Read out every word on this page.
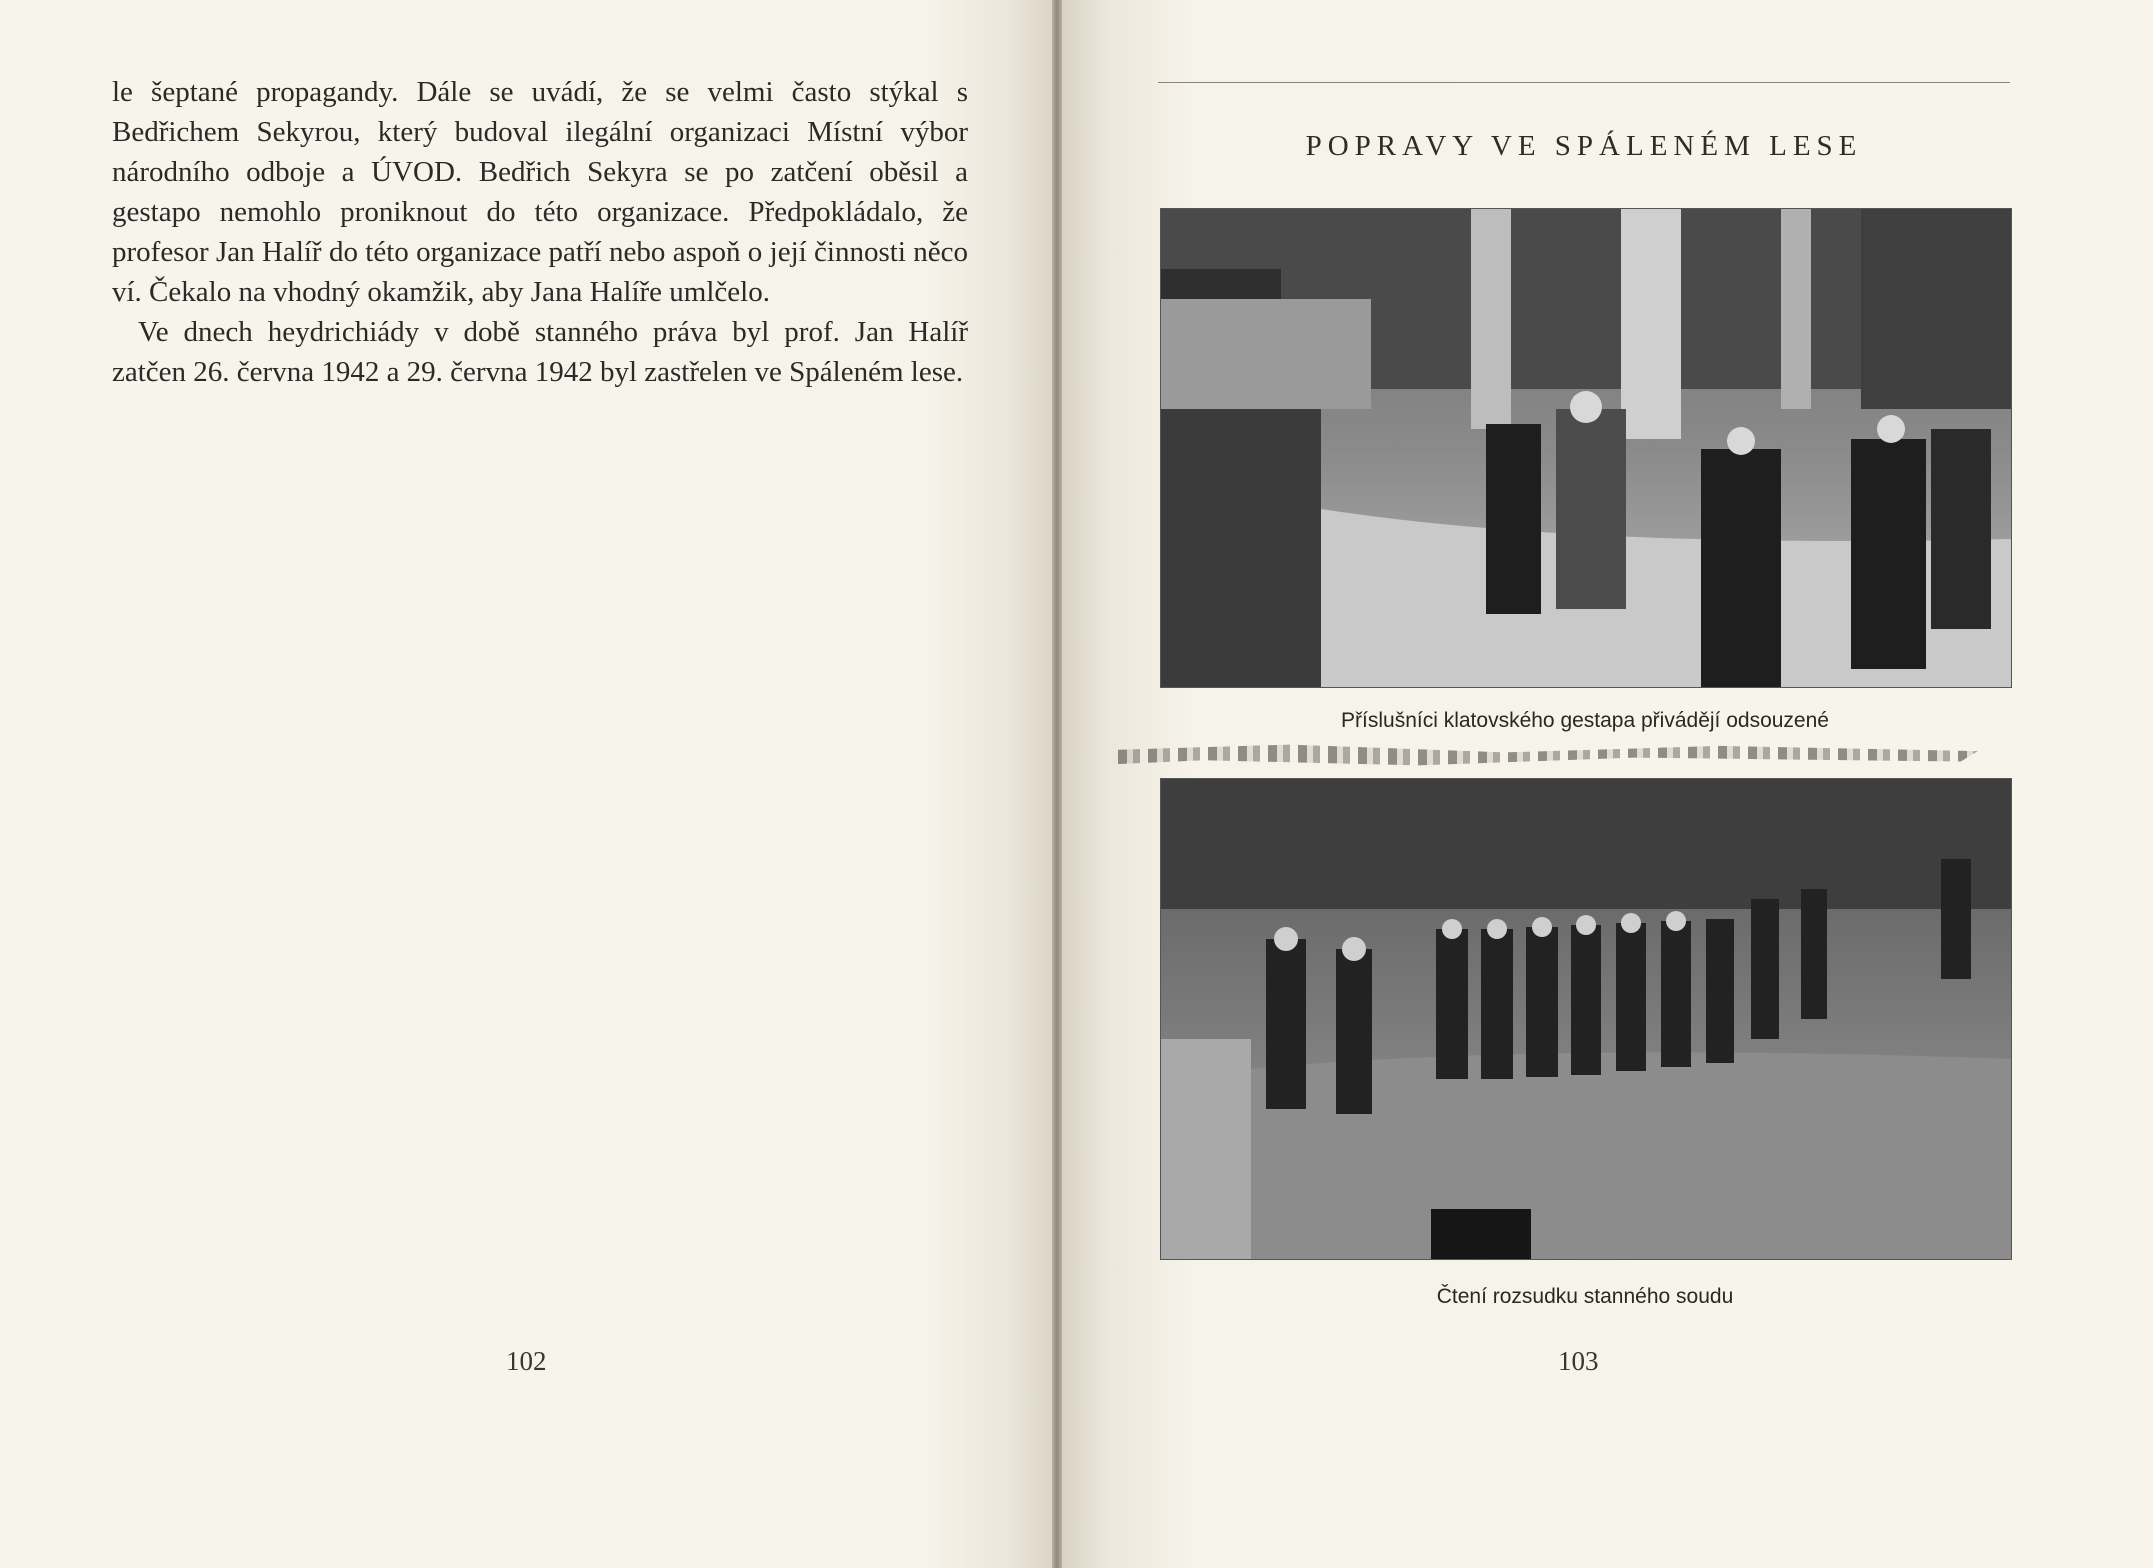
le šeptané propagandy. Dále se uvádí, že se velmi často stýkal s Bedřichem Sekyrou, který budoval ilegální organizaci Místní výbor národního odboje a ÚVOD. Bedřich Sekyra se po zatčení oběsil a gestapo nemohlo proniknout do této organizace. Předpokládalo, že profesor Jan Halíř do této organizace patří nebo aspoň o její činnosti něco ví. Čekalo na vhodný okamžik, aby Jana Halíře umlčelo.

Ve dnech heydrichiády v době stanného práva byl prof. Jan Halíř zatčen 26. června 1942 a 29. června 1942 byl zastřelen ve Spáleném lese.

102
POPRAVY VE SPÁLENÉM LESE
Příslušníci klatovského gestapa přivádějí odsouzené
Čtení rozsudku stanného soudu
103
